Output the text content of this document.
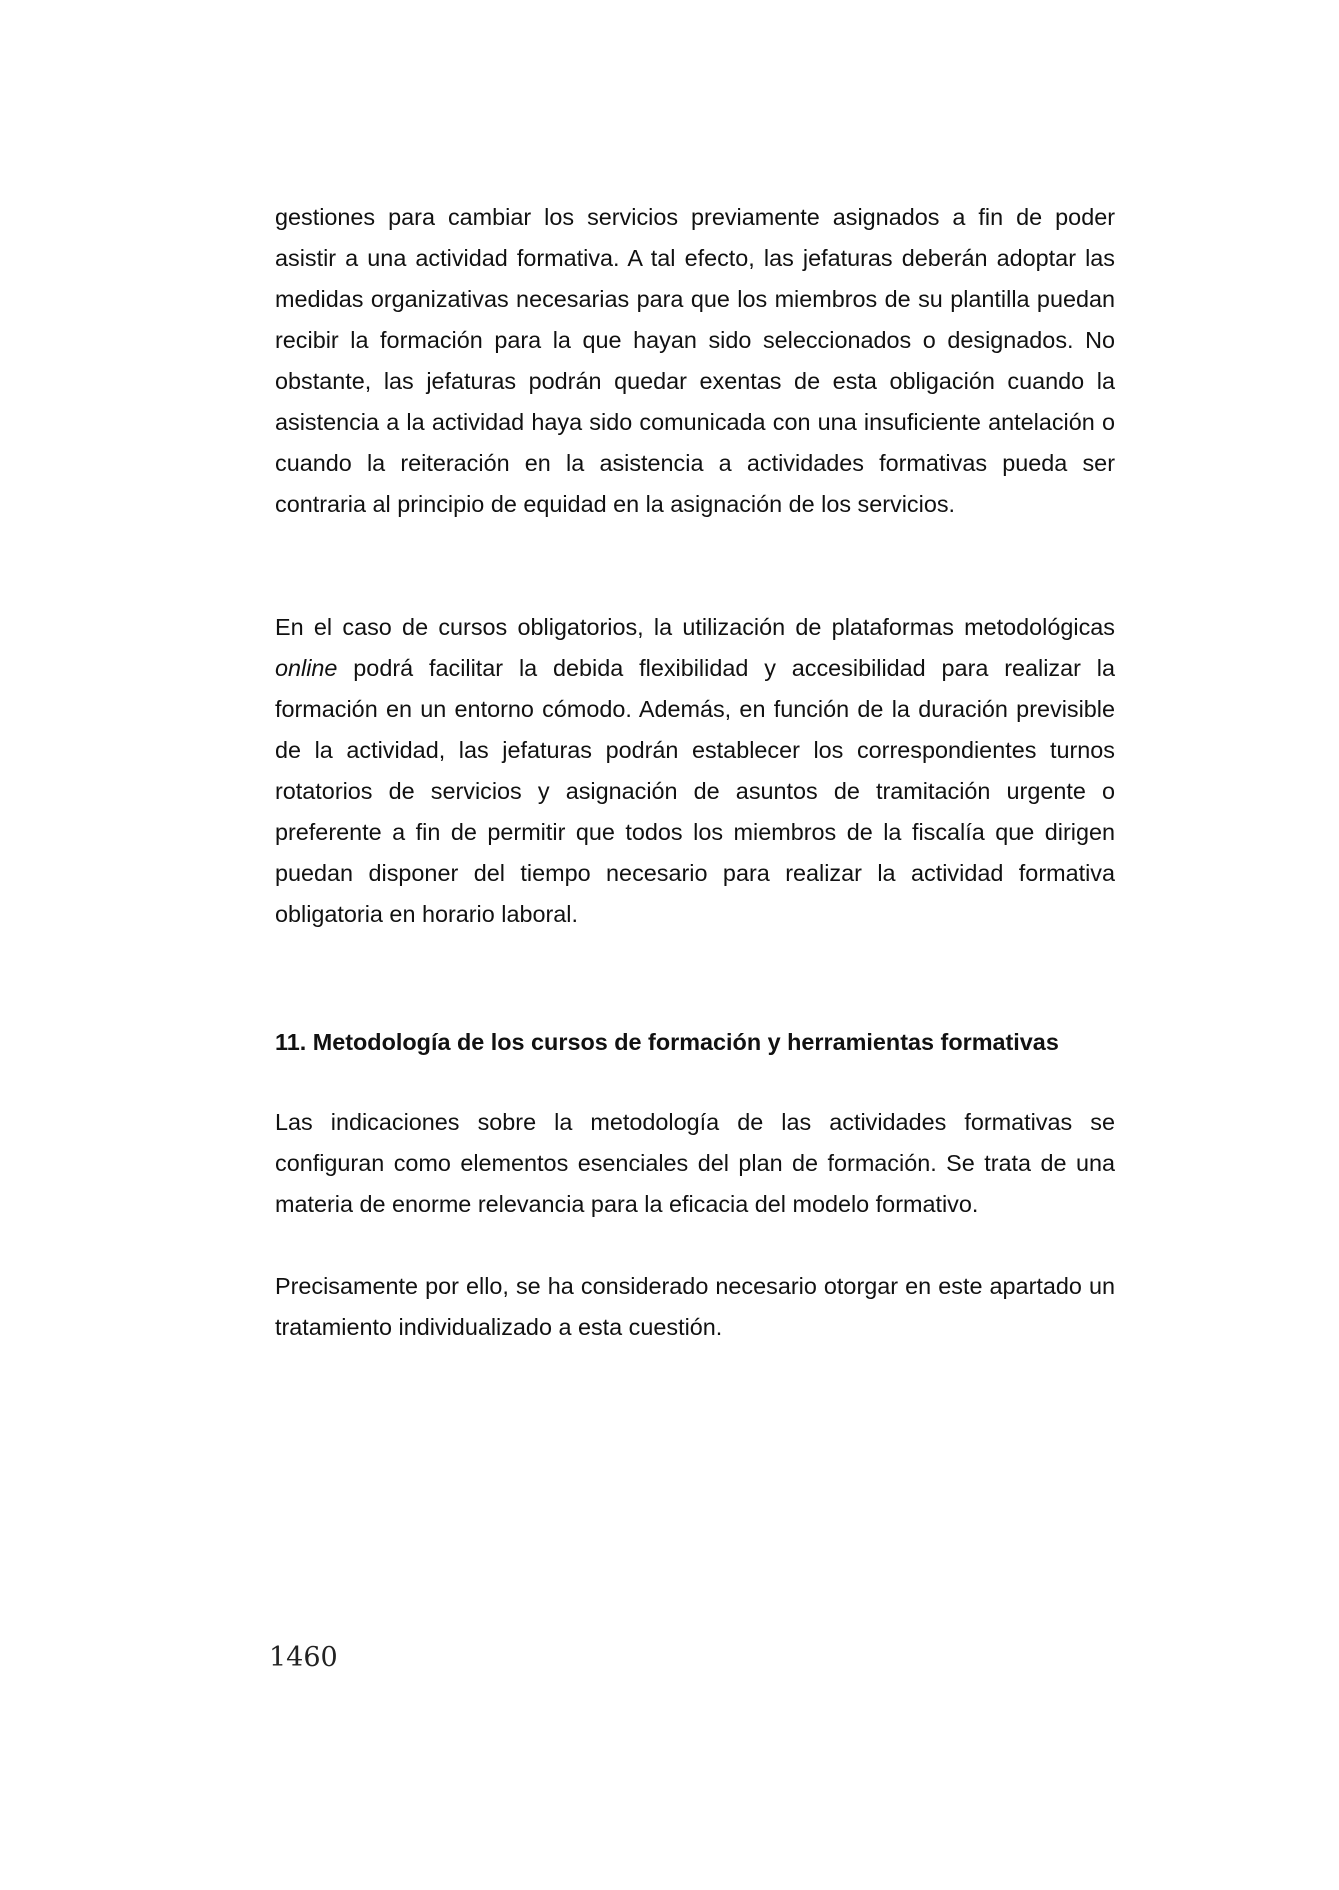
gestiones para cambiar los servicios previamente asignados a fin de poder asistir a una actividad formativa. A tal efecto, las jefaturas deberán adoptar las medidas organizativas necesarias para que los miembros de su plantilla puedan recibir la formación para la que hayan sido seleccionados o designados. No obstante, las jefaturas podrán quedar exentas de esta obligación cuando la asistencia a la actividad haya sido comunicada con una insuficiente antelación o cuando la reiteración en la asistencia a actividades formativas pueda ser contraria al principio de equidad en la asignación de los servicios.

En el caso de cursos obligatorios, la utilización de plataformas metodológicas online podrá facilitar la debida flexibilidad y accesibilidad para realizar la formación en un entorno cómodo. Además, en función de la duración previsible de la actividad, las jefaturas podrán establecer los correspondientes turnos rotatorios de servicios y asignación de asuntos de tramitación urgente o preferente a fin de permitir que todos los miembros de la fiscalía que dirigen puedan disponer del tiempo necesario para realizar la actividad formativa obligatoria en horario laboral.

11. Metodología de los cursos de formación y herramientas formativas

Las indicaciones sobre la metodología de las actividades formativas se configuran como elementos esenciales del plan de formación. Se trata de una materia de enorme relevancia para la eficacia del modelo formativo.

Precisamente por ello, se ha considerado necesario otorgar en este apartado un tratamiento individualizado a esta cuestión.

1460
